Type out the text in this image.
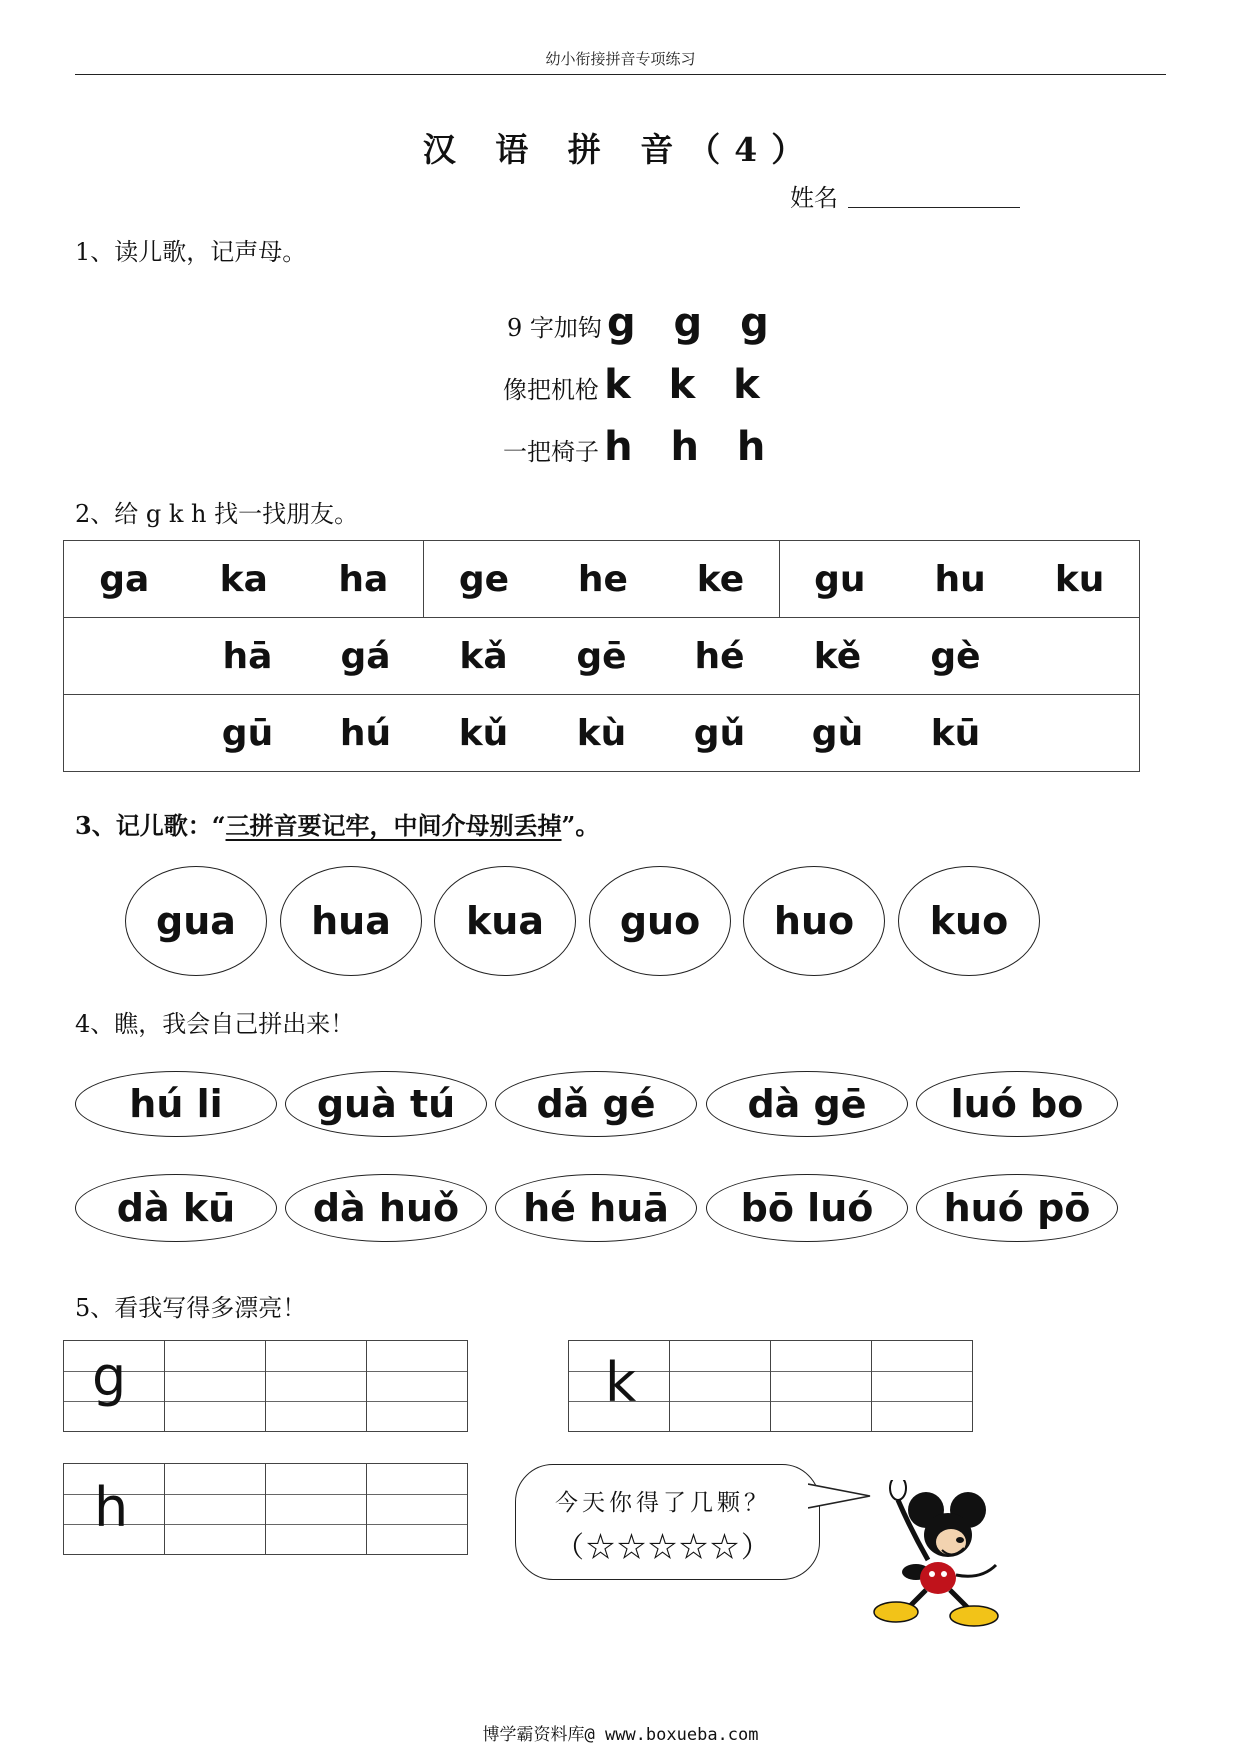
幼小衔接拼音专项练习
汉 语 拼 音（4）
姓名
1、读儿歌，记声母。
9 字加钩 g g g
像把机枪 k k k
一把椅子 h h h
2、给 g k h 找一找朋友。
ga ka ha	ge he ke	gu hu ku

hā	gá	kǎ	gē	hé	kě	gè

gū	hú	kǔ	kù	gǔ	gù	kū
3、记儿歌：“三拼音要记牢，中间介母别丢掉”。
gua	hua	kua	guo	huo	kuo
4、瞧，我会自己拼出来！
hú li	guà tú	dǎ gé	dà gē	luó bo
dà kū	dà huǒ	hé huā	bō luó	huó pō
5、看我写得多漂亮！
g	k
h	今天你得了几颗？
（☆☆☆☆☆）
博学霸资料库@ www.boxueba.com
